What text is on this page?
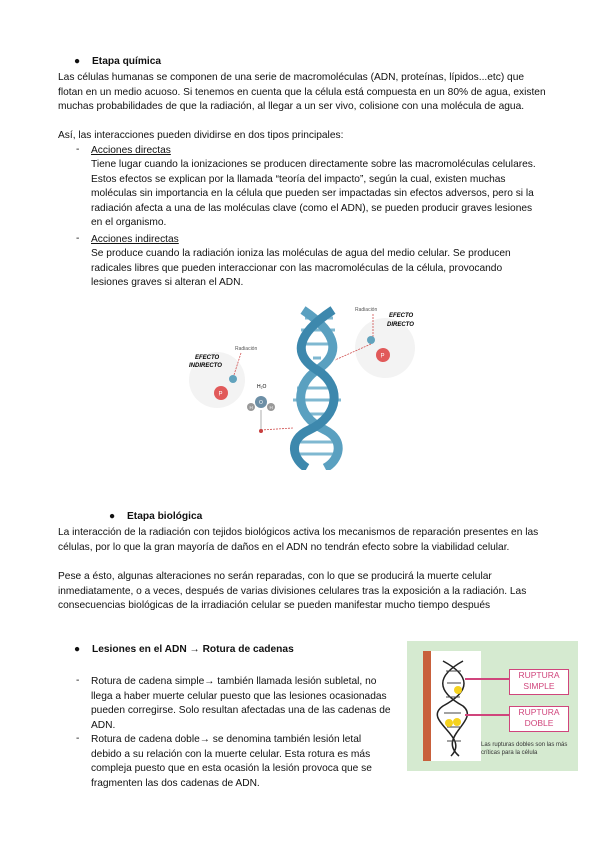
● Etapa química

Las células humanas se componen de una serie de macromoléculas (ADN, proteínas, lípidos...etc) que flotan en un medio acuoso. Si tenemos en cuenta que la célula está compuesta en un 80% de agua, existen muchas probabilidades de que la radiación, al llegar a un ser vivo, colisione con una molécula de agua.

Así, las interacciones pueden dividirse en dos tipos principales:

- Acciones directas

Tiene lugar cuando la ionizaciones se producen directamente sobre las macromoléculas celulares. Estos efectos se explican por la llamada “teoría del impacto”, según la cual, existen muchas moléculas sin importancia en la célula que pueden ser impactadas sin efectos adversos, pero si la radiación afecta a una de las moléculas clave (como el ADN), se pueden producir graves lesiones en el organismo.

- Acciones indirectas

Se produce cuando la radiación ioniza las moléculas de agua del medio celular. Se producen radicales libres que pueden interaccionar con las macromoléculas de la célula, provocando lesiones graves si alteran el ADN.

EFECTO
INDIRECTO
Radiación
P
H₂O
O
H	H
EFECTO
DIRECTO
Radiación
P
● Etapa biológica

La interacción de la radiación con tejidos biológicos activa los mecanismos de reparación presentes en las células, por lo que la gran mayoría de daños en el ADN no tendrán efecto sobre la viabilidad celular.

Pese a ésto, algunas alteraciones no serán reparadas, con lo que se producirá la muerte celular inmediatamente, o a veces, después de varias divisiones celulares tras la exposición a la radiación. Las consecuencias biológicas de la irradiación celular se pueden manifestar mucho tiempo después

● Lesiones en el ADN → Rotura de cadenas
- Rotura de cadena simple→ también llamada lesión subletal, no llega a haber muerte celular puesto que las lesiones ocasionadas pueden corregirse. Solo resultan afectadas una de las cadenas de ADN.

- Rotura de cadena doble→ se denomina también lesión letal debido a su relación con la muerte celular. Esta rotura es más compleja puesto que en esta ocasión la lesión provoca que se fragmenten las dos cadenas de ADN.

RUPTURA SIMPLE
RUPTURA DOBLE
Las rupturas dobles son las más críticas para la célula
